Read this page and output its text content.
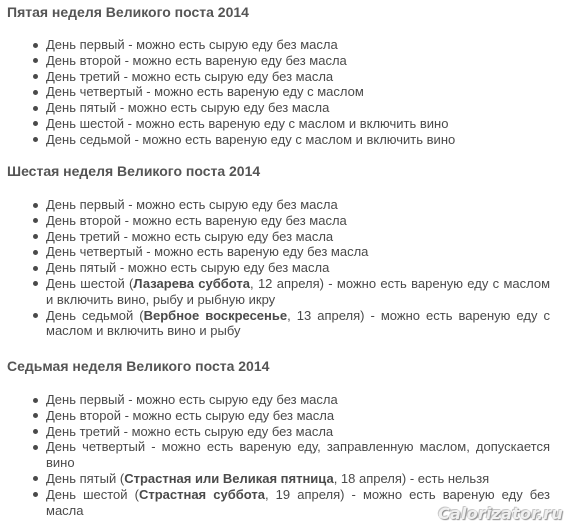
Пятая неделя Великого поста 2014
День первый - можно есть сырую еду без масла
День второй - можно есть вареную еду без масла
День третий - можно есть сырую еду без масла
День четвертый - можно есть вареную еду с маслом
День пятый - можно есть сырую еду без масла
День шестой - можно есть вареную еду с маслом и включить вино
День седьмой - можно есть вареную еду с маслом и включить вино
Шестая неделя Великого поста 2014
День первый - можно есть сырую еду без масла
День второй - можно есть вареную еду без масла
День третий - можно есть сырую еду без масла
День четвертый - можно есть вареную еду без масла
День пятый - можно есть сырую еду без масла
День шестой (Лазарева суббота, 12 апреля) - можно есть вареную еду с маслом и включить вино, рыбу и рыбную икру
День седьмой (Вербное воскресенье, 13 апреля) - можно есть вареную еду с маслом и включить вино и рыбу
Седьмая неделя Великого поста 2014
День первый - можно есть сырую еду без масла
День второй - можно есть сырую еду без масла
День третий - можно есть сырую еду без масла
День четвертый - можно есть вареную еду, заправленную маслом, допускается вино
День пятый (Страстная или Великая пятница, 18 апреля) - есть нельзя
День шестой (Страстная суббота, 19 апреля) - можно есть вареную еду без масла	Calorizator.ru
